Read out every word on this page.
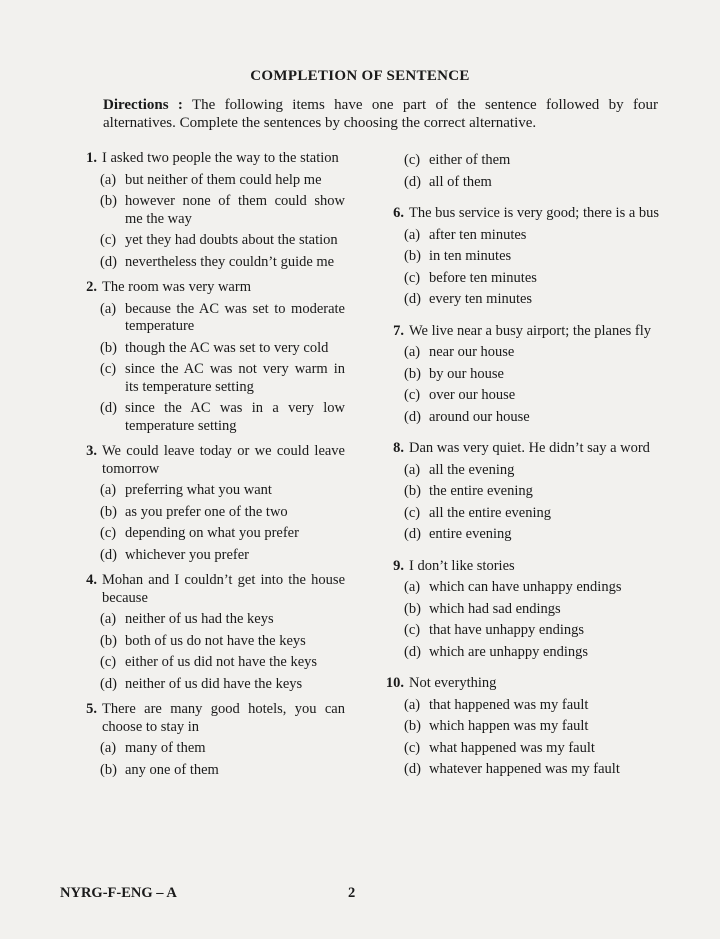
COMPLETION OF SENTENCE
Directions : The following items have one part of the sentence followed by four alternatives. Complete the sentences by choosing the correct alternative.
1. I asked two people the way to the station
(a) but neither of them could help me
(b) however none of them could show me the way
(c) yet they had doubts about the station
(d) nevertheless they couldn’t guide me
2. The room was very warm
(a) because the AC was set to moderate temperature
(b) though the AC was set to very cold
(c) since the AC was not very warm in its temperature setting
(d) since the AC was in a very low temperature setting
3. We could leave today or we could leave tomorrow
(a) preferring what you want
(b) as you prefer one of the two
(c) depending on what you prefer
(d) whichever you prefer
4. Mohan and I couldn’t get into the house because
(a) neither of us had the keys
(b) both of us do not have the keys
(c) either of us did not have the keys
(d) neither of us did have the keys
5. There are many good hotels, you can choose to stay in
(a) many of them
(b) any one of them
(c) either of them
(d) all of them
6. The bus service is very good; there is a bus
(a) after ten minutes
(b) in ten minutes
(c) before ten minutes
(d) every ten minutes
7. We live near a busy airport; the planes fly
(a) near our house
(b) by our house
(c) over our house
(d) around our house
8. Dan was very quiet. He didn’t say a word
(a) all the evening
(b) the entire evening
(c) all the entire evening
(d) entire evening
9. I don’t like stories
(a) which can have unhappy endings
(b) which had sad endings
(c) that have unhappy endings
(d) which are unhappy endings
10. Not everything
(a) that happened was my fault
(b) which happen was my fault
(c) what happened was my fault
(d) whatever happened was my fault
NYRG-F-ENG – A	2
